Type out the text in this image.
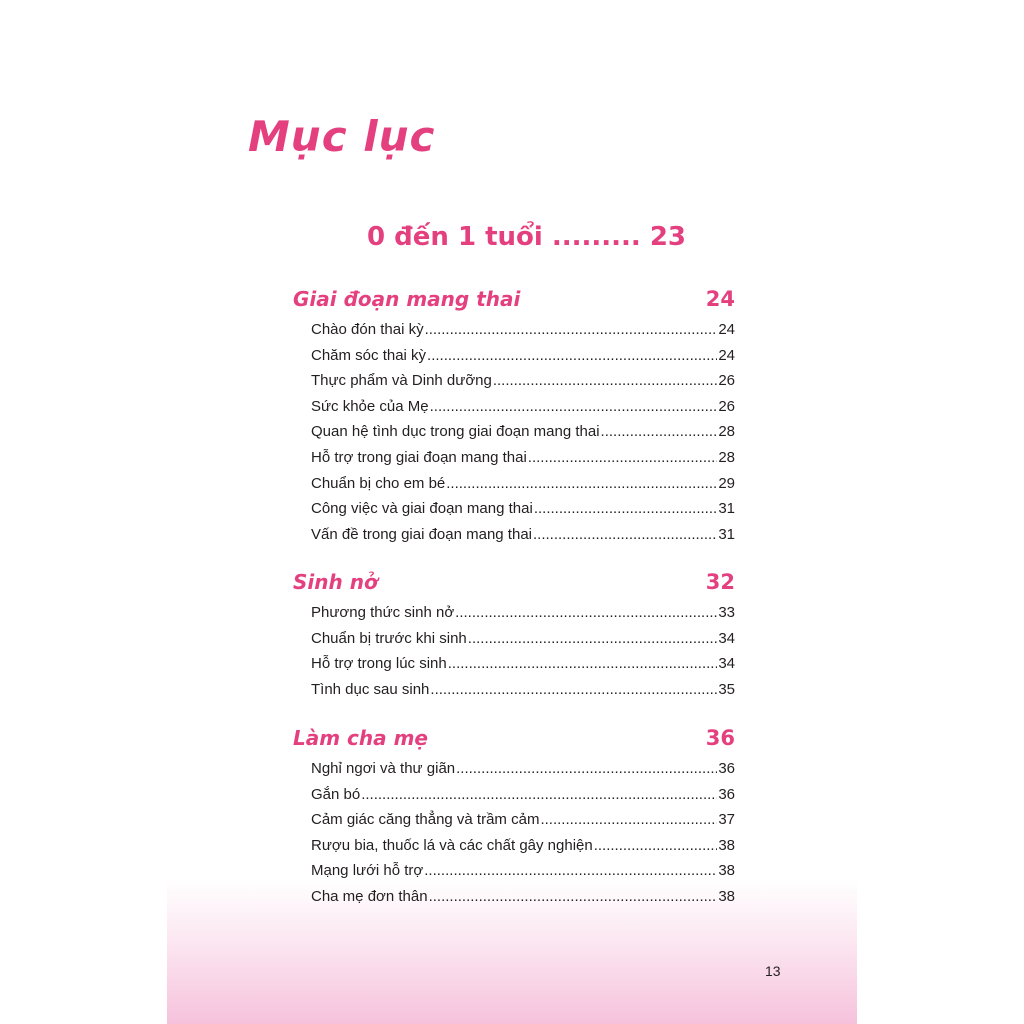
Mục lục
0 đến 1 tuổi ......... 23
Giai đoạn mang thai	24
Chào đón thai kỳ .....	24
Chăm sóc thai kỳ .....	24
Thực phẩm và Dinh dưỡng .....	26
Sức khỏe của Mẹ .....	26
Quan hệ tình dục trong giai đoạn mang thai .....	28
Hỗ trợ trong giai đoạn mang thai .....	28
Chuẩn bị cho em bé .....	29
Công việc và giai đoạn mang thai .....	31
Vấn đề trong giai đoạn mang thai .....	31
Sinh nở	32
Phương thức sinh nở .....	33
Chuẩn bị trước khi sinh .....	34
Hỗ trợ trong lúc sinh .....	34
Tình dục sau sinh .....	35
Làm cha mẹ	36
Nghỉ ngơi và thư giãn .....	36
Gắn bó .....	36
Cảm giác căng thẳng và trầm cảm .....	37
Rượu bia, thuốc lá và các chất gây nghiện .....	38
Mạng lưới hỗ trợ .....	38
Cha mẹ đơn thân .....	38
13
